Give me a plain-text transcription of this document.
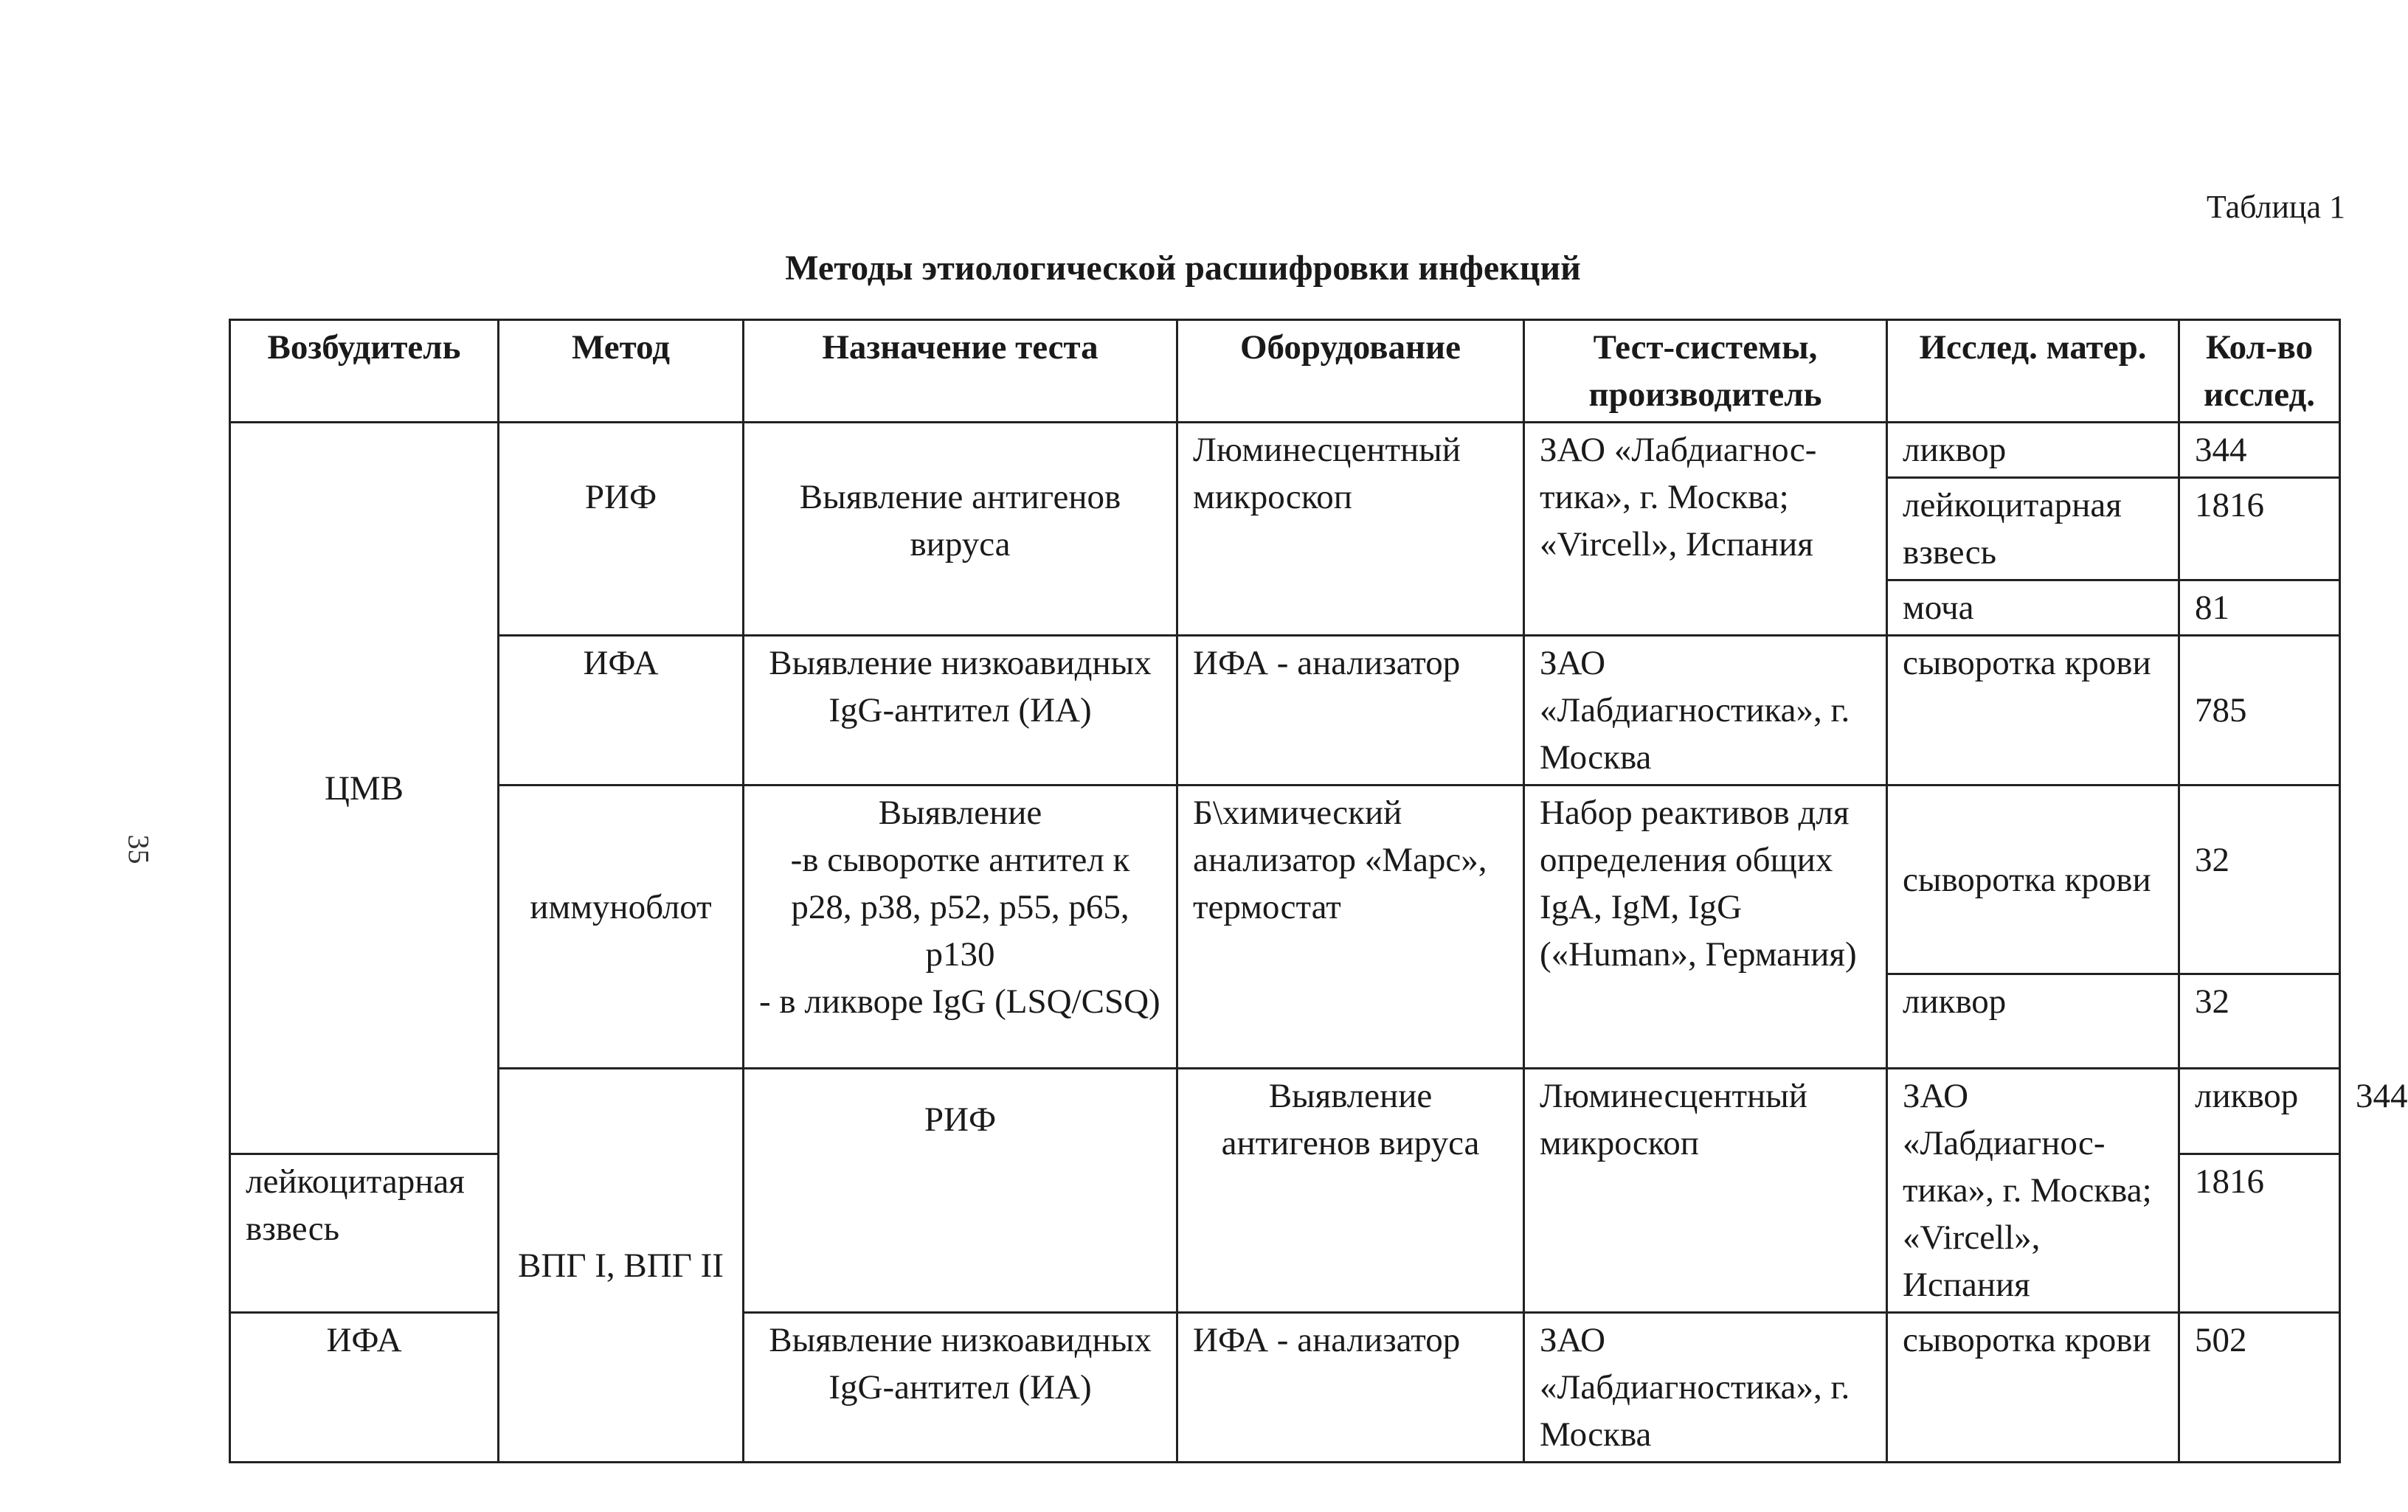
35
Таблица 1
Методы этиологической расшифровки инфекций
Возбудитель	Метод	Назначение теста	Оборудование	Тест-системы, производитель	Исслед. матер.	Кол-во исслед.	
ЦМВ	РИФ	Выявление антигенов вируса	Люминесцентный микроскоп	ЗАО «Лабдиагнос-тика», г. Москва; «Vircell», Испания	ликвор	344	
					лейкоцитарная взвесь	1816	
					моча	81	
	ИФА	Выявление низкоавидных IgG-антител (ИА)	ИФА - анализатор	ЗАО «Лабдиагностика», г. Москва	сыворотка крови	785	
	иммуноблот	Выявление
-в сыворотке антител к p28, p38, p52, p55, p65, p130
- в ликворе IgG (LSQ/CSQ)	Б\химический анализатор «Марс», термостат	Набор реактивов для определения общих IgA, IgM, IgG («Human», Германия)	сыворотка крови	32	
					ликвор	32	

	ВПГ I, ВПГ II	РИФ	Выявление антигенов вируса	Люминесцентный микроскоп	ЗАО «Лабдиагнос-тика», г. Москва; «Vircell», Испания	ликвор	344
лейкоцитарная взвесь						1816	
ИФА		Выявление низкоавидных IgG-антител (ИА)	ИФА - анализатор	ЗАО «Лабдиагностика», г. Москва	сыворотка крови	502	
